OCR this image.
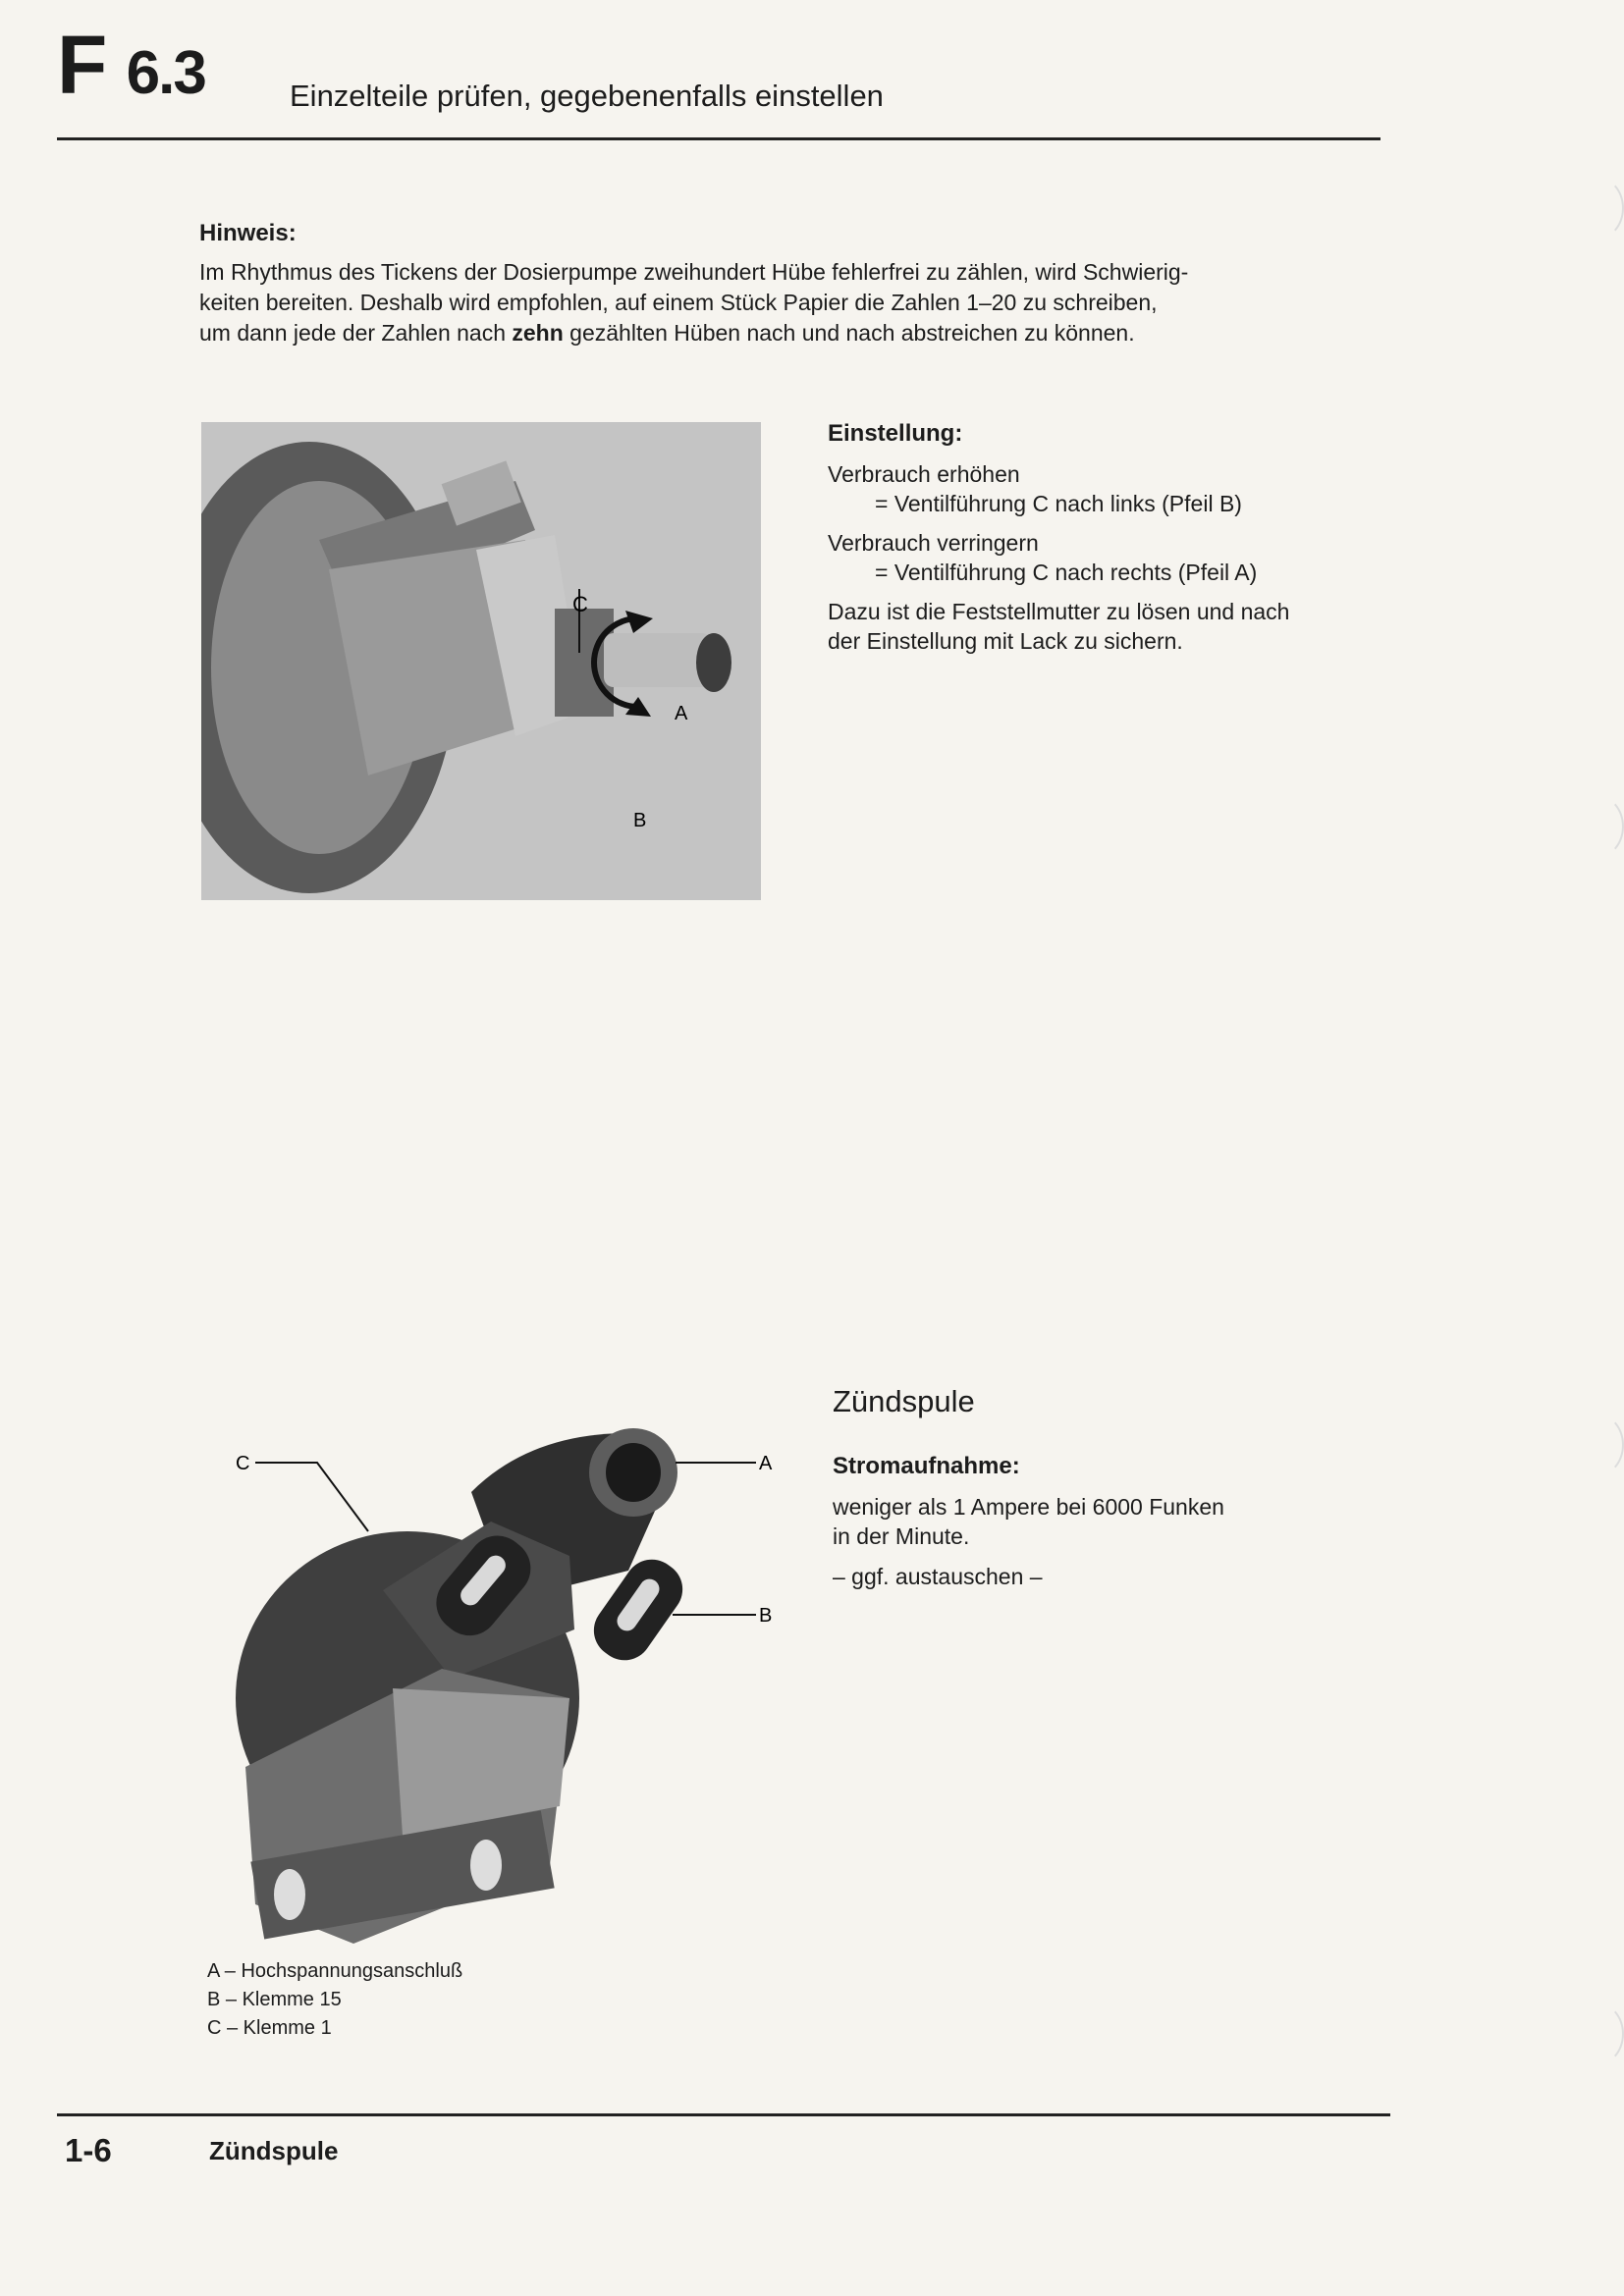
F 6.3	Einzelteile prüfen, gegebenenfalls einstellen
Hinweis:
Im Rhythmus des Tickens der Dosierpumpe zweihundert Hübe fehlerfrei zu zählen, wird Schwierig-
keiten bereiten. Deshalb wird empfohlen, auf einem Stück Papier die Zahlen 1–20 zu schreiben,
um dann jede der Zahlen nach zehn gezählten Hüben nach und nach abstreichen zu können.
C
A
B
Einstellung:
Verbrauch erhöhen
= Ventilführung C nach links (Pfeil B)
Verbrauch verringern
= Ventilführung C nach rechts (Pfeil A)
Dazu ist die Feststellmutter zu lösen und nach
der Einstellung mit Lack zu sichern.
C	A
B
Zündspule
Stromaufnahme:
weniger als 1 Ampere bei 6000 Funken
in der Minute.
– ggf. austauschen –
A – Hochspannungsanschluß
B – Klemme 15
C – Klemme 1
1-6	Zündspule
